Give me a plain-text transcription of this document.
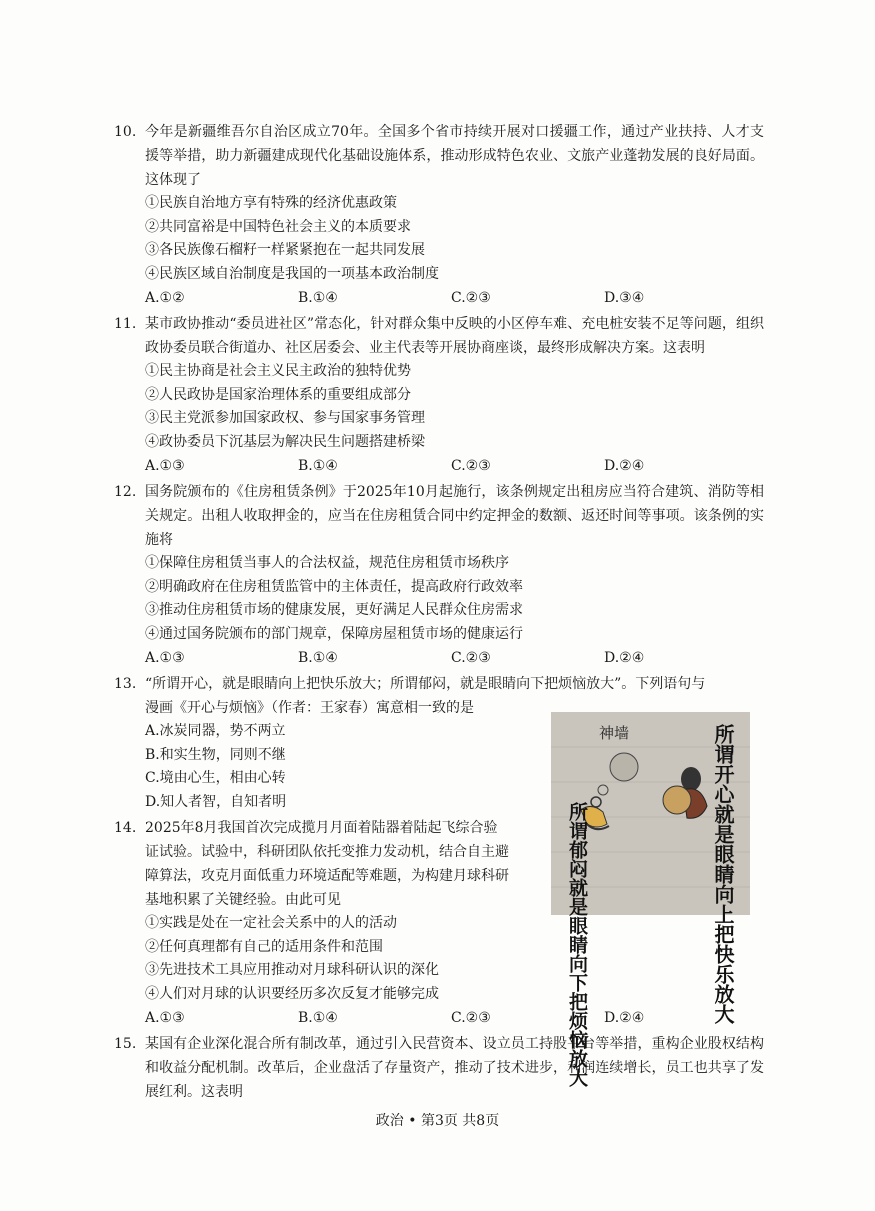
10. 今年是新疆维吾尔自治区成立70年。全国多个省市持续开展对口援疆工作，通过产业扶持、人才支援等举措，助力新疆建成现代化基础设施体系，推动形成特色农业、文旅产业蓬勃发展的良好局面。这体现了
①民族自治地方享有特殊的经济优惠政策
②共同富裕是中国特色社会主义的本质要求
③各民族像石榴籽一样紧紧抱在一起共同发展
④民族区域自治制度是我国的一项基本政治制度
A.①②	B.①④	C.②③	D.③④
11. 某市政协推动“委员进社区”常态化，针对群众集中反映的小区停车难、充电桩安装不足等问题，组织政协委员联合街道办、社区居委会、业主代表等开展协商座谈，最终形成解决方案。这表明
①民主协商是社会主义民主政治的独特优势
②人民政协是国家治理体系的重要组成部分
③民主党派参加国家政权、参与国家事务管理
④政协委员下沉基层为解决民生问题搭建桥梁
A.①③	B.①④	C.②③	D.②④
12. 国务院颁布的《住房租赁条例》于2025年10月起施行，该条例规定出租房应当符合建筑、消防等相关规定。出租人收取押金的，应当在住房租赁合同中约定押金的数额、返还时间等事项。该条例的实施将
①保障住房租赁当事人的合法权益，规范住房租赁市场秩序
②明确政府在住房租赁监管中的主体责任，提高政府行政效率
③推动住房租赁市场的健康发展，更好满足人民群众住房需求
④通过国务院颁布的部门规章，保障房屋租赁市场的健康运行
A.①③	B.①④	C.②③	D.②④
13. “所谓开心，就是眼睛向上把快乐放大；所谓郁闷，就是眼睛向下把烦恼放大”。下列语句与
漫画《开心与烦恼》（作者：王家春）寓意相一致的是
A.冰炭同器，势不两立
B.和实生物，同则不继
C.境由心生，相由心转
D.知人者智，自知者明
14. 2025年8月我国首次完成揽月月面着陆器着陆起飞综合验
证试验。试验中，科研团队依托变推力发动机，结合自主避
障算法，攻克月面低重力环境适配等难题，为构建月球科研
基地积累了关键经验。由此可见
①实践是处在一定社会关系中的人的活动
②任何真理都有自己的适用条件和范围
③先进技术工具应用推动对月球科研认识的深化
④人们对月球的认识要经历多次反复才能够完成
A.①③	B.①④	C.②③	D.②④
15. 某国有企业深化混合所有制改革，通过引入民营资本、设立员工持股平台等举措，重构企业股权结构和收益分配机制。改革后，企业盘活了存量资产，推动了技术进步，利润连续增长，员工也共享了发展红利。这表明
神墙	所谓开心就是眼睛向上把快乐放大
所谓郁闷就是眼睛向下把烦恼放大
政治 • 第3页 共8页
